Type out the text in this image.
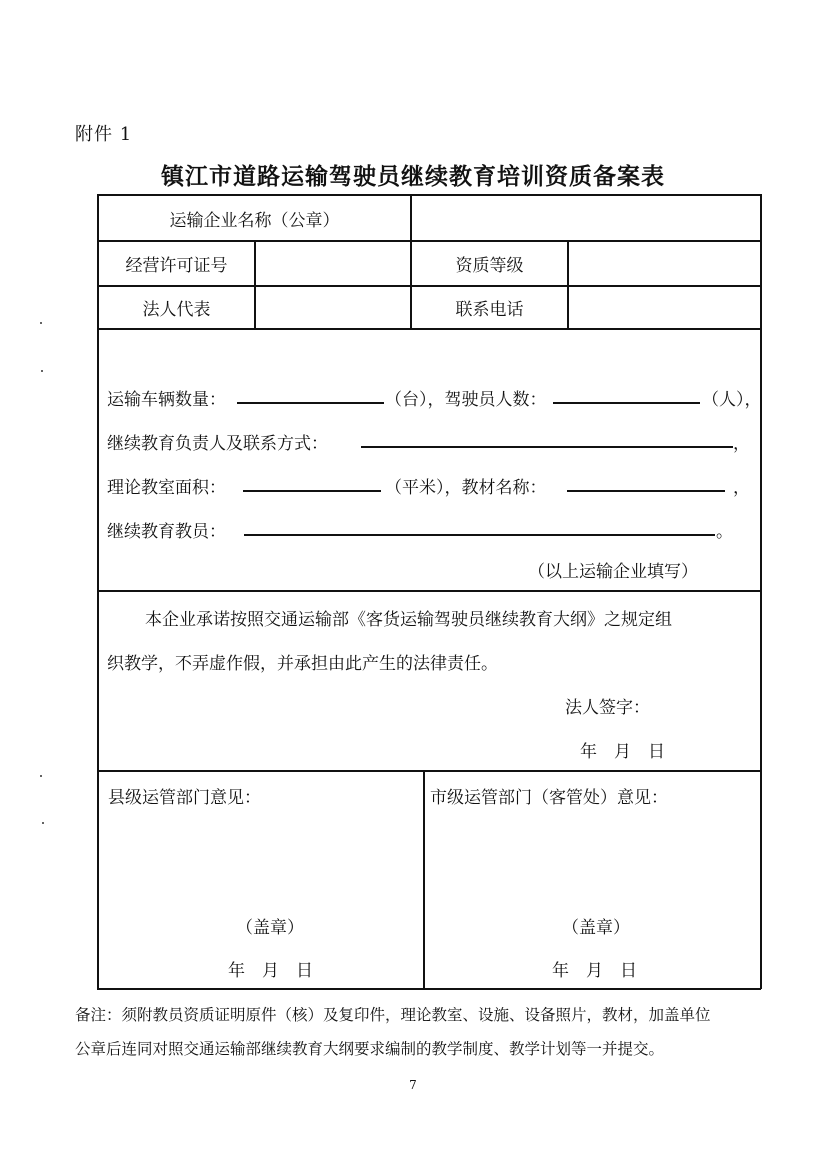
附件 1
镇江市道路运输驾驶员继续教育培训资质备案表
运输企业名称（公章）
经营许可证号	资质等级
法人代表	联系电话
运输车辆数量：	（台），驾驶员人数：	（人），
继续教育负责人及联系方式：	，
理论教室面积：	（平米），教材名称：	，
继续教育教员：	。
（以上运输企业填写）
本企业承诺按照交通运输部《客货运输驾驶员继续教育大纲》之规定组
织教学，不弄虚作假，并承担由此产生的法律责任。
法人签字：
年　月　日
县级运管部门意见：	市级运管部门（客管处）意见：
（盖章）	（盖章）
年　月　日	年　月　日
备注：须附教员资质证明原件（核）及复印件，理论教室、设施、设备照片，教材，加盖单位
公章后连同对照交通运输部继续教育大纲要求编制的教学制度、教学计划等一并提交。
7
